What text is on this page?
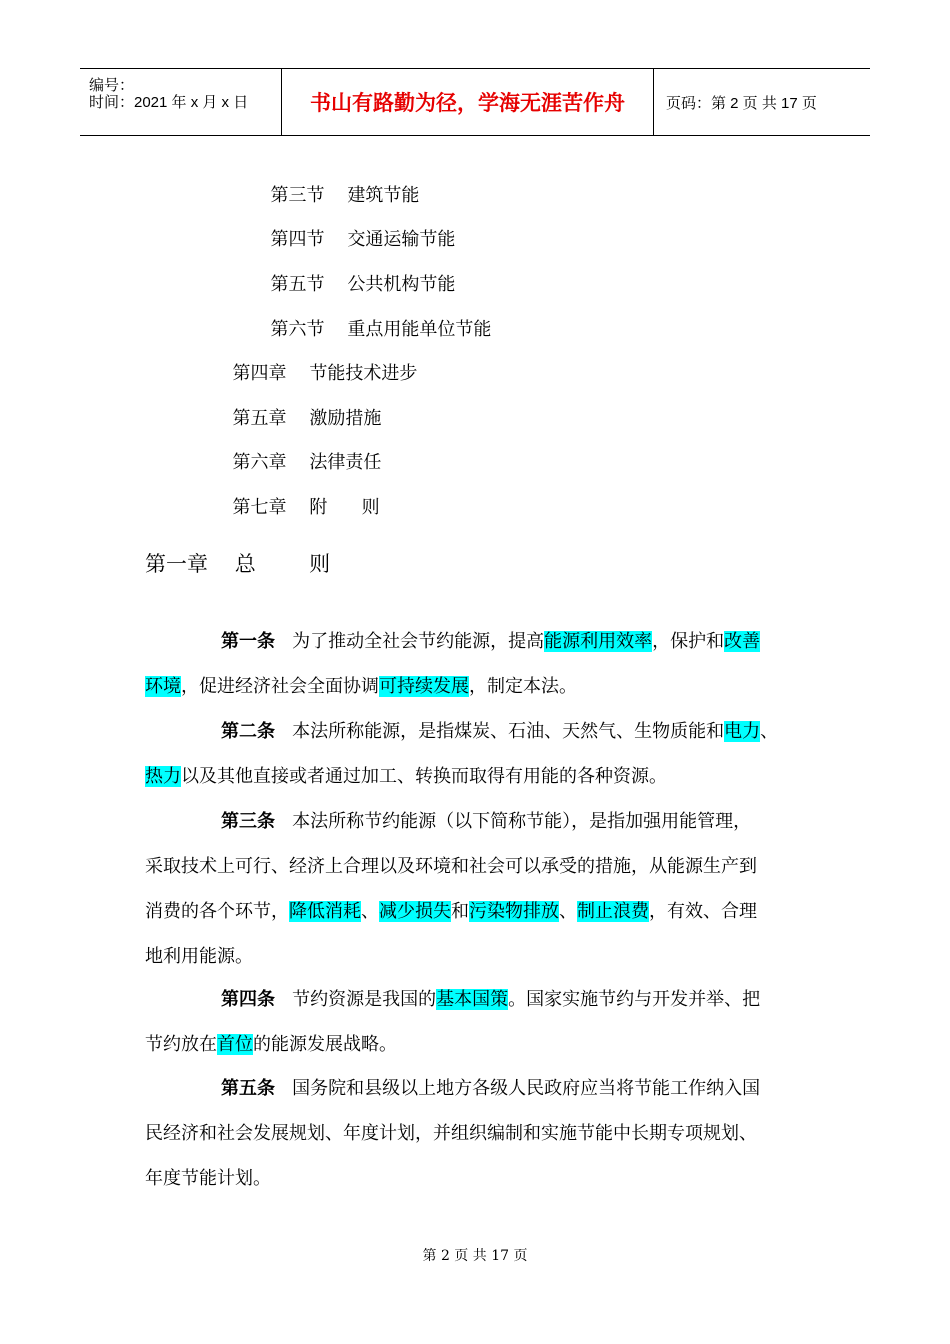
编号：
时间：2021 年 x 月 x 日	书山有路勤为径，学海无涯苦作舟	页码：第 2 页 共 17 页

第三节 建筑节能

第四节 交通运输节能

第五节 公共机构节能

第六节 重点用能单位节能

第四章 节能技术进步

第五章 激励措施

第六章 法律责任

第七章 附      则

第一章    总        则
第一条   为了推动全社会节约能源，提高能源利用效率，保护和改善
环境，促进经济社会全面协调可持续发展，制定本法。
第二条   本法所称能源，是指煤炭、石油、天然气、生物质能和电力、
热力以及其他直接或者通过加工、转换而取得有用能的各种资源。
第三条   本法所称节约能源（以下简称节能），是指加强用能管理，
采取技术上可行、经济上合理以及环境和社会可以承受的措施，从能源生产到
消费的各个环节，降低消耗、减少损失和污染物排放、制止浪费，有效、合理
地利用能源。
第四条   节约资源是我国的基本国策。国家实施节约与开发并举、把
节约放在首位的能源发展战略。
第五条   国务院和县级以上地方各级人民政府应当将节能工作纳入国
民经济和社会发展规划、年度计划，并组织编制和实施节能中长期专项规划、
年度节能计划。
第 2 页 共 17 页
